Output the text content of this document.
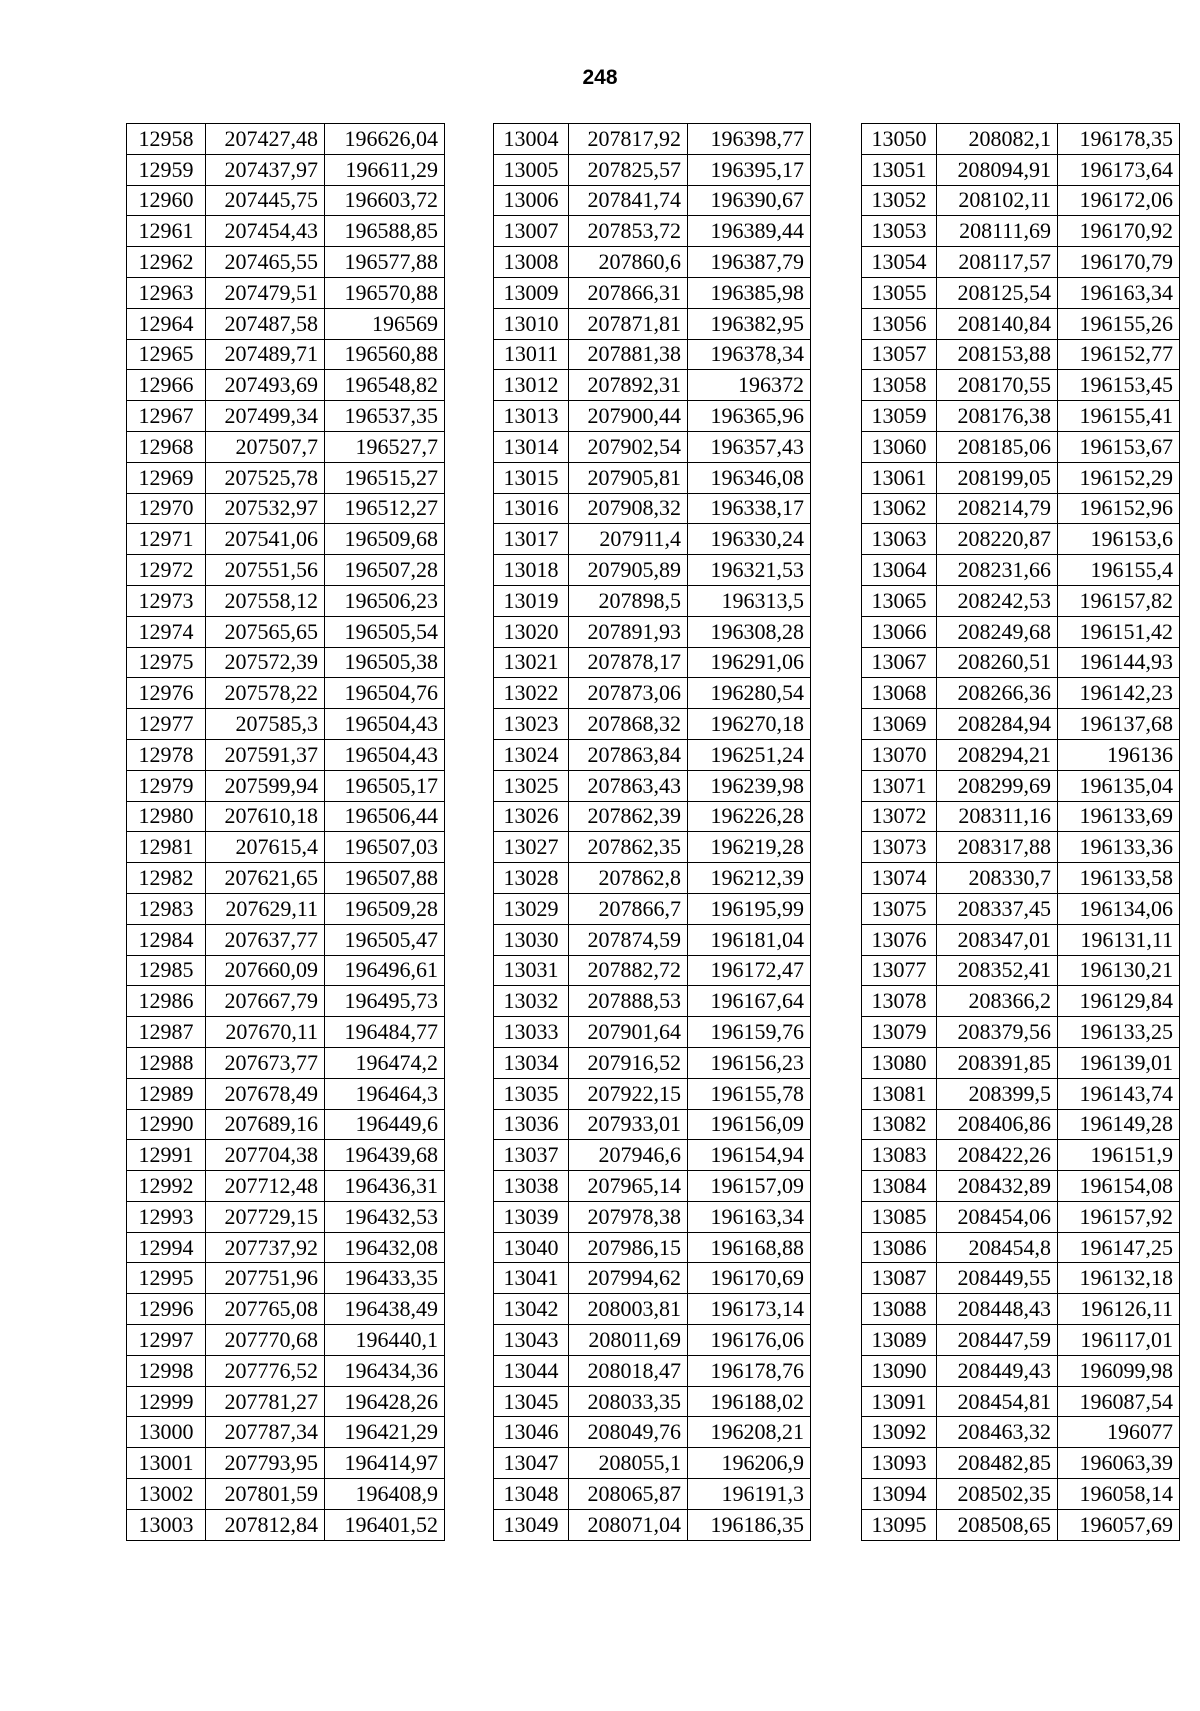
248
12958	207427,48	196626,04
12959	207437,97	196611,29
12960	207445,75	196603,72
12961	207454,43	196588,85
12962	207465,55	196577,88
12963	207479,51	196570,88
12964	207487,58	196569
12965	207489,71	196560,88
12966	207493,69	196548,82
12967	207499,34	196537,35
12968	207507,7	196527,7
12969	207525,78	196515,27
12970	207532,97	196512,27
12971	207541,06	196509,68
12972	207551,56	196507,28
12973	207558,12	196506,23
12974	207565,65	196505,54
12975	207572,39	196505,38
12976	207578,22	196504,76
12977	207585,3	196504,43
12978	207591,37	196504,43
12979	207599,94	196505,17
12980	207610,18	196506,44
12981	207615,4	196507,03
12982	207621,65	196507,88
12983	207629,11	196509,28
12984	207637,77	196505,47
12985	207660,09	196496,61
12986	207667,79	196495,73
12987	207670,11	196484,77
12988	207673,77	196474,2
12989	207678,49	196464,3
12990	207689,16	196449,6
12991	207704,38	196439,68
12992	207712,48	196436,31
12993	207729,15	196432,53
12994	207737,92	196432,08
12995	207751,96	196433,35
12996	207765,08	196438,49
12997	207770,68	196440,1
12998	207776,52	196434,36
12999	207781,27	196428,26
13000	207787,34	196421,29
13001	207793,95	196414,97
13002	207801,59	196408,9
13003	207812,84	196401,52
13004	207817,92	196398,77
13005	207825,57	196395,17
13006	207841,74	196390,67
13007	207853,72	196389,44
13008	207860,6	196387,79
13009	207866,31	196385,98
13010	207871,81	196382,95
13011	207881,38	196378,34
13012	207892,31	196372
13013	207900,44	196365,96
13014	207902,54	196357,43
13015	207905,81	196346,08
13016	207908,32	196338,17
13017	207911,4	196330,24
13018	207905,89	196321,53
13019	207898,5	196313,5
13020	207891,93	196308,28
13021	207878,17	196291,06
13022	207873,06	196280,54
13023	207868,32	196270,18
13024	207863,84	196251,24
13025	207863,43	196239,98
13026	207862,39	196226,28
13027	207862,35	196219,28
13028	207862,8	196212,39
13029	207866,7	196195,99
13030	207874,59	196181,04
13031	207882,72	196172,47
13032	207888,53	196167,64
13033	207901,64	196159,76
13034	207916,52	196156,23
13035	207922,15	196155,78
13036	207933,01	196156,09
13037	207946,6	196154,94
13038	207965,14	196157,09
13039	207978,38	196163,34
13040	207986,15	196168,88
13041	207994,62	196170,69
13042	208003,81	196173,14
13043	208011,69	196176,06
13044	208018,47	196178,76
13045	208033,35	196188,02
13046	208049,76	196208,21
13047	208055,1	196206,9
13048	208065,87	196191,3
13049	208071,04	196186,35
13050	208082,1	196178,35
13051	208094,91	196173,64
13052	208102,11	196172,06
13053	208111,69	196170,92
13054	208117,57	196170,79
13055	208125,54	196163,34
13056	208140,84	196155,26
13057	208153,88	196152,77
13058	208170,55	196153,45
13059	208176,38	196155,41
13060	208185,06	196153,67
13061	208199,05	196152,29
13062	208214,79	196152,96
13063	208220,87	196153,6
13064	208231,66	196155,4
13065	208242,53	196157,82
13066	208249,68	196151,42
13067	208260,51	196144,93
13068	208266,36	196142,23
13069	208284,94	196137,68
13070	208294,21	196136
13071	208299,69	196135,04
13072	208311,16	196133,69
13073	208317,88	196133,36
13074	208330,7	196133,58
13075	208337,45	196134,06
13076	208347,01	196131,11
13077	208352,41	196130,21
13078	208366,2	196129,84
13079	208379,56	196133,25
13080	208391,85	196139,01
13081	208399,5	196143,74
13082	208406,86	196149,28
13083	208422,26	196151,9
13084	208432,89	196154,08
13085	208454,06	196157,92
13086	208454,8	196147,25
13087	208449,55	196132,18
13088	208448,43	196126,11
13089	208447,59	196117,01
13090	208449,43	196099,98
13091	208454,81	196087,54
13092	208463,32	196077
13093	208482,85	196063,39
13094	208502,35	196058,14
13095	208508,65	196057,69
